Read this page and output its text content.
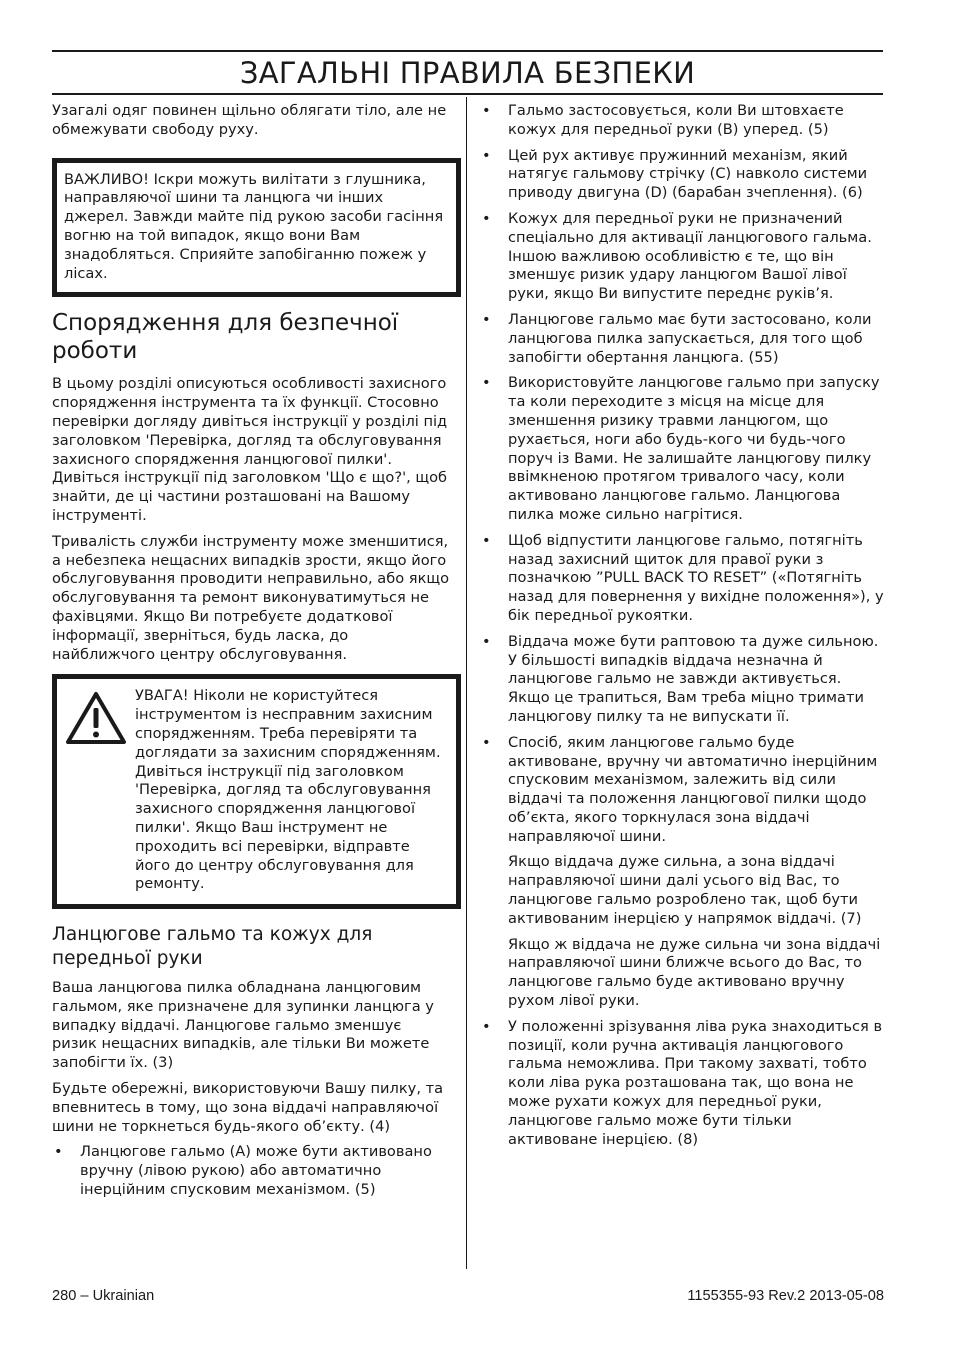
ЗАГАЛЬНІ ПРАВИЛА БЕЗПЕКИ

Узагалі одяг повинен щільно облягати тіло, але не обмежувати свободу руху.

ВАЖЛИВО! Іскри можуть вилітати з глушника, направляючої шини та ланцюга чи інших джерел. Завжди майте під рукою засоби гасіння вогню на той випадок, якщо вони Вам знадобляться. Сприяйте запобіганню пожеж у лісах.

Спорядження для безпечної роботи

В цьому розділі описуються особливості захисного спорядження інструмента та їх функції. Стосовно перевірки догляду дивіться інструкції у розділі під заголовком 'Перевірка, догляд та обслуговування захисного спорядження ланцюгової пилки'. Дивіться інструкції під заголовком 'Що є що?', щоб знайти, де ці частини розташовані на Вашому інструменті.

Тривалість служби інструменту може зменшитися, а небезпека нещасних випадків зрости, якщо його обслуговування проводити неправильно, або якщо обслуговування та ремонт виконуватимуться не фахівцями. Якщо Ви потребуєте додаткової інформації, зверніться, будь ласка, до найближчого центру обслуговування.

УВАГА! Ніколи не користуйтеся інструментом із несправним захисним спорядженням. Треба перевіряти та доглядати за захисним спорядженням. Дивіться інструкції під заголовком 'Перевірка, догляд та обслуговування захисного спорядження ланцюгової пилки'. Якщо Ваш інструмент не проходить всі перевірки, відправте його до центру обслуговування для ремонту.

Ланцюгове гальмо та кожух для передньої руки

Ваша ланцюгова пилка обладнана ланцюговим гальмом, яке призначене для зупинки ланцюга у випадку віддачі. Ланцюгове гальмо зменшує ризик нещасних випадків, але тільки Ви можете запобігти їх. (3)

Будьте обережні, використовуючи Вашу пилку, та впевнитесь в тому, що зона віддачі направляючої шини не торкнеться будь-якого об’єкту. (4)

• Ланцюгове гальмо (A) може бути активовано вручну (лівою рукою) або автоматично інерційним спусковим механізмом. (5)
• Гальмо застосовується, коли Ви штовхаєте кожух для передньої руки (B) уперед. (5)
• Цей рух активує пружинний механізм, який натягує гальмову стрічку (C) навколо системи приводу двигуна (D) (барабан зчеплення). (6)
• Кожух для передньої руки не призначений спеціально для активації ланцюгового гальма. Іншою важливою особливістю є те, що він зменшує ризик удару ланцюгом Вашої лівої руки, якщо Ви випустите переднє руків’я.
• Ланцюгове гальмо має бути застосовано, коли ланцюгова пилка запускається, для того щоб запобігти обертання ланцюга. (55)
• Використовуйте ланцюгове гальмо при запуску та коли переходите з місця на місце для зменшення ризику травми ланцюгом, що рухається, ноги або будь-кого чи будь-чого поруч із Вами. Не залишайте ланцюгову пилку ввімкненою протягом тривалого часу, коли активовано ланцюгове гальмо. Ланцюгова пилка може сильно нагрітися.
• Щоб відпустити ланцюгове гальмо, потягніть назад захисний щиток для правої руки з позначкою ”PULL BACK TO RESET” («Потягніть назад для повернення у вихідне положення»), у бік передньої рукоятки.
• Віддача може бути раптовою та дуже сильною. У більшості випадків віддача незначна й ланцюгове гальмо не завжди активується. Якщо це трапиться, Вам треба міцно тримати ланцюгову пилку та не випускати її.
• Спосіб, яким ланцюгове гальмо буде активоване, вручну чи автоматично інерційним спусковим механізмом, залежить від сили віддачі та положення ланцюгової пилки щодо об’єкта, якого торкнулася зона віддачі направляючої шини.
Якщо віддача дуже сильна, а зона віддачі направляючої шини далі усього від Вас, то ланцюгове гальмо розроблено так, щоб бути активованим інерцією у напрямок віддачі. (7)
Якщо ж віддача не дуже сильна чи зона віддачі направляючої шини ближче всього до Вас, то ланцюгове гальмо буде активовано вручну рухом лівої руки.
• У положенні зрізування ліва рука знаходиться в позиції, коли ручна активація ланцюгового гальма неможлива. При такому захваті, тобто коли ліва рука розташована так, що вона не може рухати кожух для передньої руки, ланцюгове гальмо може бути тільки активоване інерцією. (8)
280 – Ukrainian	1155355-93 Rev.2 2013-05-08
